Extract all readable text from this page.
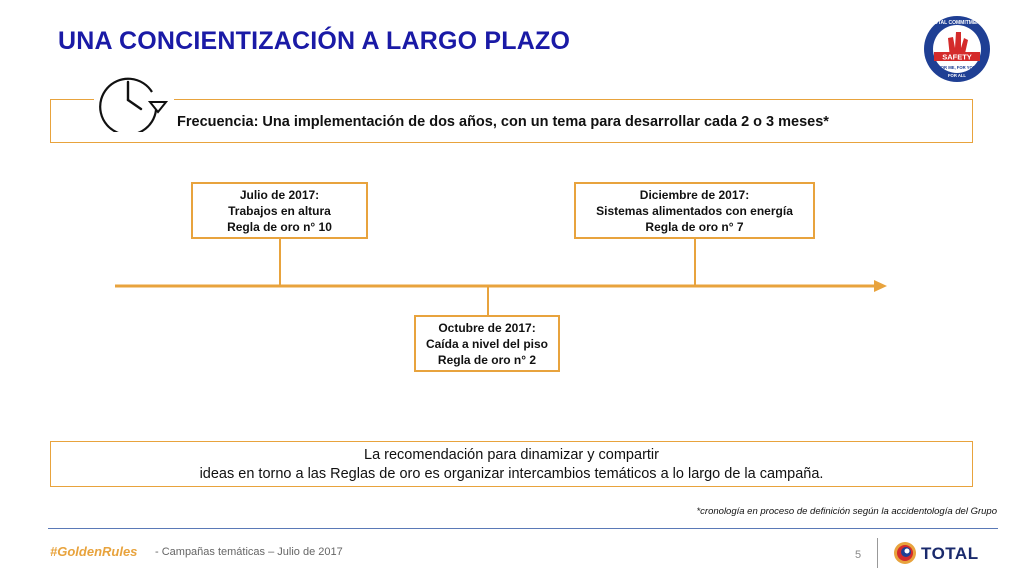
UNA CONCIENTIZACIÓN A LARGO PLAZO
SAFETY
TOTAL COMMITMENT
FOR ME, FOR YOU
FOR ALL
Frecuencia: Una implementación de dos años, con un tema para desarrollar cada 2 o 3 meses*
Julio de 2017:
Trabajos en altura
Regla de oro n° 10
Diciembre de 2017:
Sistemas alimentados con energía
Regla de oro n° 7
Octubre de 2017:
Caída a nivel del piso
Regla de oro n° 2
La recomendación para dinamizar y compartir
ideas en torno a las Reglas de oro es organizar intercambios temáticos a lo largo de la campaña.
*cronología en proceso de definición según la accidentología del Grupo
#GoldenRules - Campañas temáticas – Julio de 2017	5	TOTAL
